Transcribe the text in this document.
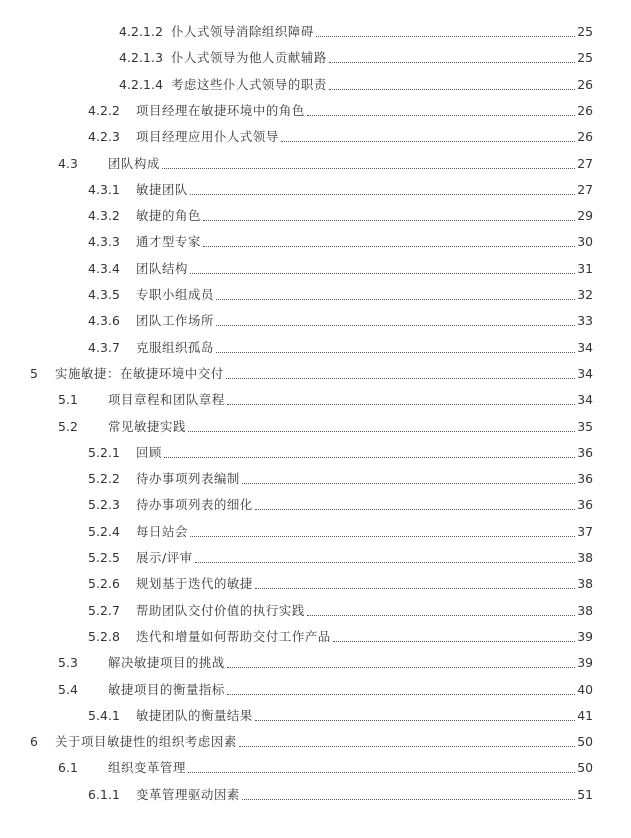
4.2.1.2 仆人式领导消除组织障碍	25
4.2.1.3 仆人式领导为他人贡献辅路	25
4.2.1.4 考虑这些仆人式领导的职责	26
4.2.2 项目经理在敏捷环境中的角色	26
4.2.3 项目经理应用仆人式领导	26
4.3 团队构成	27
4.3.1 敏捷团队	27
4.3.2 敏捷的角色	29
4.3.3 通才型专家	30
4.3.4 团队结构	31
4.3.5 专职小组成员	32
4.3.6 团队工作场所	33
4.3.7 克服组织孤岛	34
5 实施敏捷：在敏捷环境中交付	34
5.1 项目章程和团队章程	34
5.2 常见敏捷实践	35
5.2.1 回顾	36
5.2.2 待办事项列表编制	36
5.2.3 待办事项列表的细化	36
5.2.4 每日站会	37
5.2.5 展示/评审	38
5.2.6 规划基于迭代的敏捷	38
5.2.7 帮助团队交付价值的执行实践	38
5.2.8 迭代和增量如何帮助交付工作产品	39
5.3 解决敏捷项目的挑战	39
5.4 敏捷项目的衡量指标	40
5.4.1 敏捷团队的衡量结果	41
6 关于项目敏捷性的组织考虑因素	50
6.1 组织变革管理	50
6.1.1 变革管理驱动因素	51
